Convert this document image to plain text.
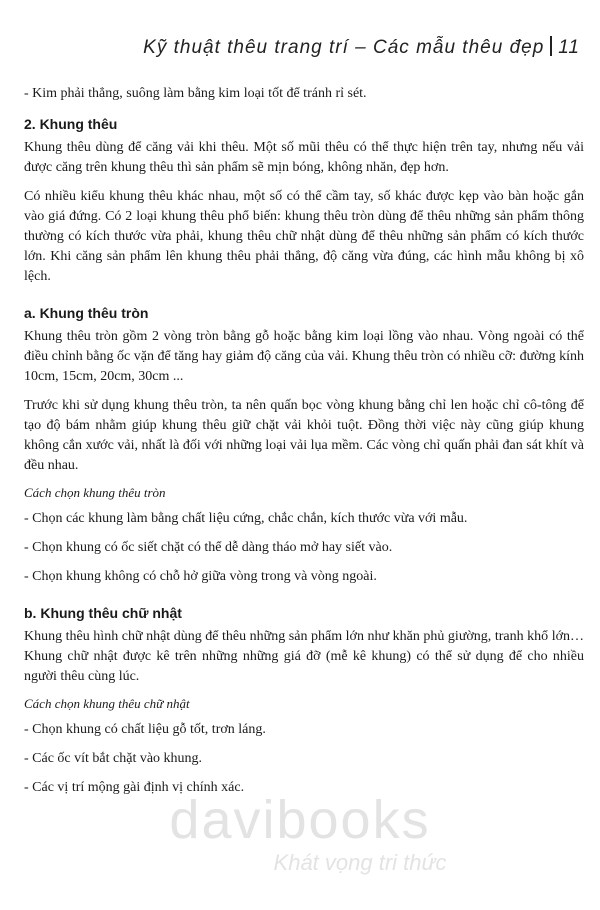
Kỹ thuật thêu trang trí – Các mẫu thêu đẹp 11

- Kim phải thẳng, suông làm bằng kim loại tốt để tránh rỉ sét.

2. Khung thêu

Khung thêu dùng để căng vải khi thêu. Một số mũi thêu có thể thực hiện trên tay, nhưng nếu vải được căng trên khung thêu thì sản phẩm sẽ mịn bóng, không nhăn, đẹp hơn.

Có nhiều kiểu khung thêu khác nhau, một số có thể cầm tay, số khác được kẹp vào bàn hoặc gắn vào giá đứng. Có 2 loại khung thêu phổ biến: khung thêu tròn dùng để thêu những sản phẩm thông thường có kích thước vừa phải, khung thêu chữ nhật dùng để thêu những sản phẩm có kích thước lớn. Khi căng sản phẩm lên khung thêu phải thẳng, độ căng vừa đúng, các hình mẫu không bị xô lệch.

a. Khung thêu tròn

Khung thêu tròn gồm 2 vòng tròn bằng gỗ hoặc bằng kim loại lồng vào nhau. Vòng ngoài có thể điều chỉnh bằng ốc vặn để tăng hay giảm độ căng của vải. Khung thêu tròn có nhiều cỡ: đường kính 10cm, 15cm, 20cm, 30cm ...

Trước khi sử dụng khung thêu tròn, ta nên quấn bọc vòng khung bằng chỉ len hoặc chỉ cô-tông để tạo độ bám nhằm giúp khung thêu giữ chặt vải khỏi tuột. Đồng thời việc này cũng giúp khung không cắn xước vải, nhất là đối với những loại vải lụa mềm. Các vòng chỉ quấn phải đan sát khít và đều nhau.

Cách chọn khung thêu tròn
- Chọn các khung làm bằng chất liệu cứng, chắc chắn, kích thước vừa với mẫu.
- Chọn khung có ốc siết chặt có thể dễ dàng tháo mở hay siết vào.
- Chọn khung không có chỗ hở giữa vòng trong và vòng ngoài.
b. Khung thêu chữ nhật

Khung thêu hình chữ nhật dùng để thêu những sản phẩm lớn như khăn phủ giường, tranh khổ lớn… Khung chữ nhật được kê trên những những giá đỡ (mễ kê khung) có thể sử dụng để cho nhiều người thêu cùng lúc.

Cách chọn khung thêu chữ nhật
- Chọn khung có chất liệu gỗ tốt, trơn láng.
- Các ốc vít bắt chặt vào khung.
- Các vị trí mộng gài định vị chính xác.
davibooks
Khát vọng tri thức
